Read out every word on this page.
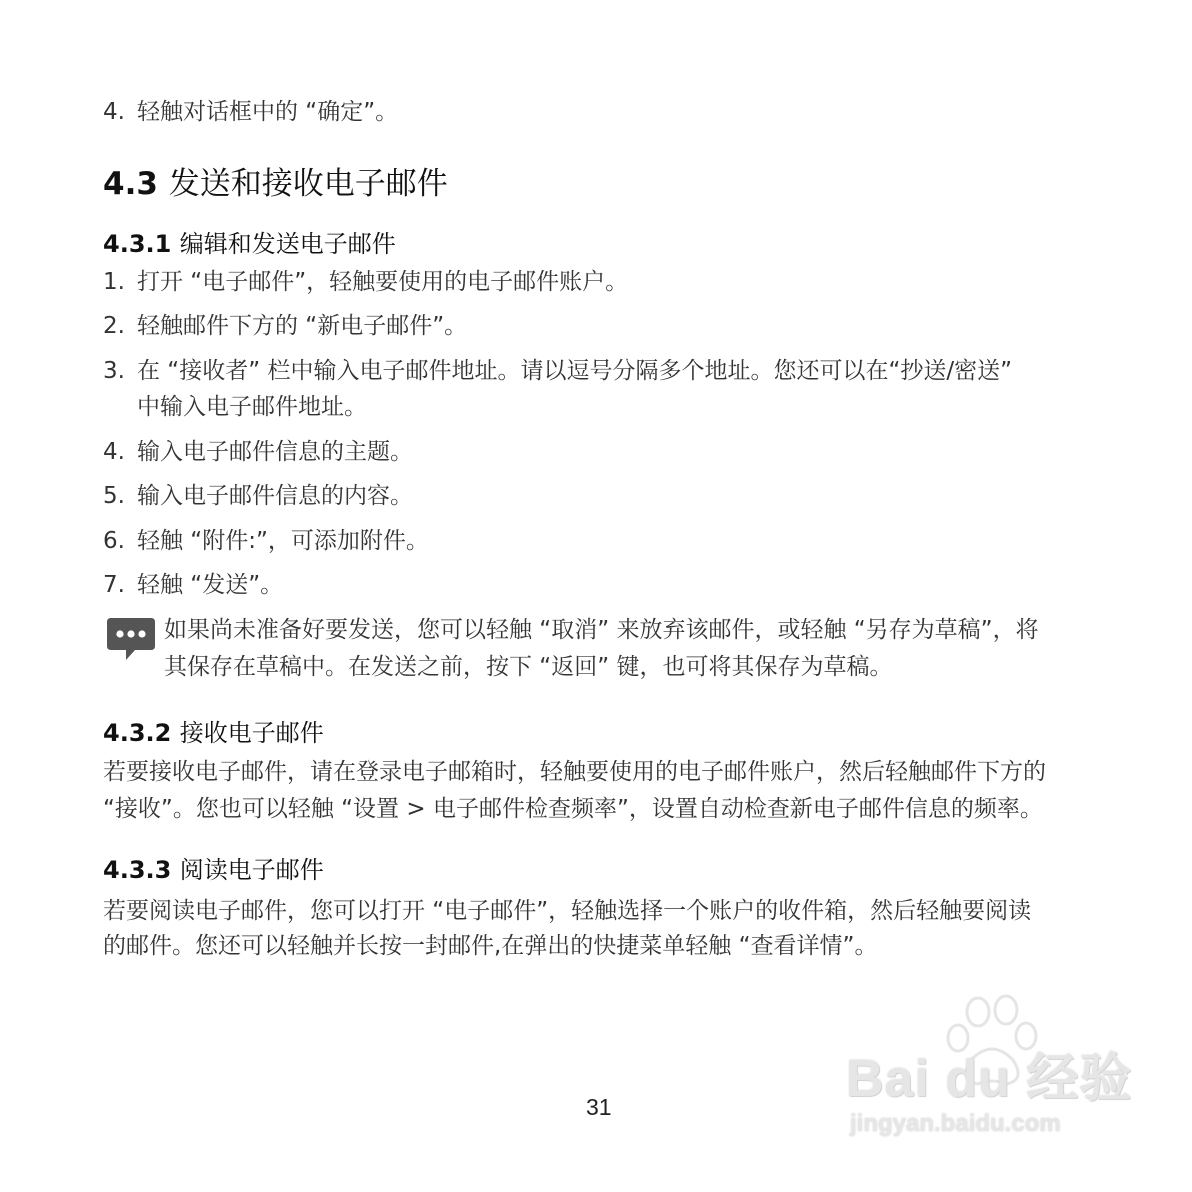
4. 轻触对话框中的 “确定”。
4.3 发送和接收电子邮件
4.3.1 编辑和发送电子邮件
1. 打开 “电子邮件”，轻触要使用的电子邮件账户。
2. 轻触邮件下方的 “新电子邮件”。
3. 在 “接收者” 栏中输入电子邮件地址。请以逗号分隔多个地址。您还可以在“抄送/密送”
中输入电子邮件地址。
4. 输入电子邮件信息的主题。
5. 输入电子邮件信息的内容。
6. 轻触 “附件:”，可添加附件。
7. 轻触 “发送”。
如果尚未准备好要发送，您可以轻触 “取消” 来放弃该邮件，或轻触 “另存为草稿”，将
其保存在草稿中。在发送之前，按下 “返回” 键，也可将其保存为草稿。
4.3.2 接收电子邮件
若要接收电子邮件，请在登录电子邮箱时，轻触要使用的电子邮件账户，然后轻触邮件下方的
“接收”。您也可以轻触 “设置 > 电子邮件检查频率”，设置自动检查新电子邮件信息的频率。
4.3.3 阅读电子邮件
若要阅读电子邮件，您可以打开 “电子邮件”，轻触选择一个账户的收件箱，然后轻触要阅读
的邮件。您还可以轻触并长按一封邮件,在弹出的快捷菜单轻触 “查看详情”。
Bai du 经验
jingyan.baidu.com
31
